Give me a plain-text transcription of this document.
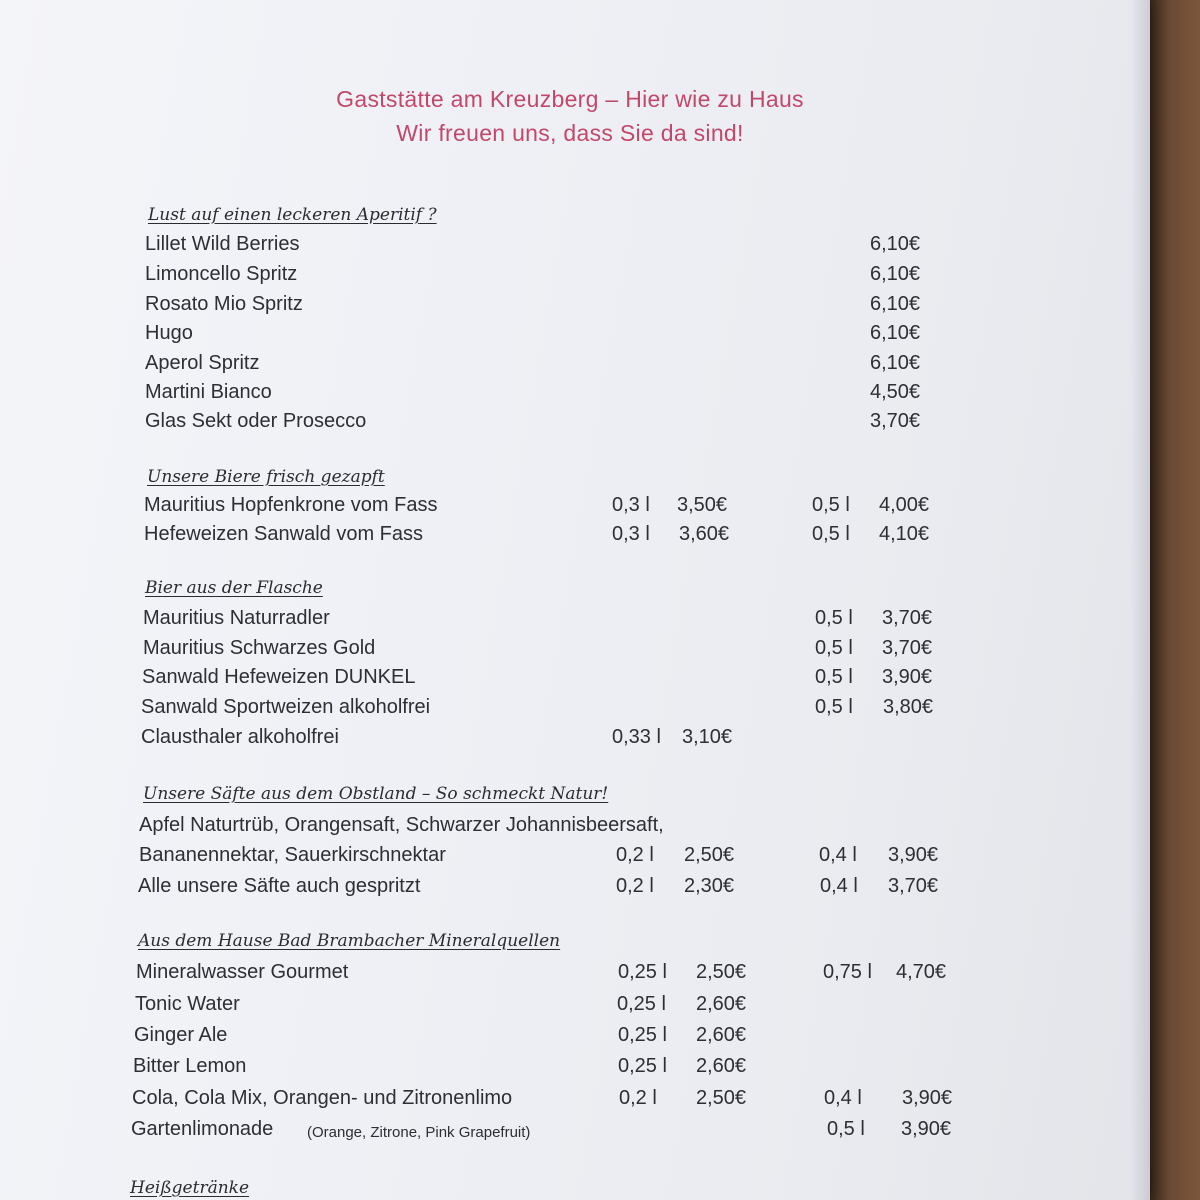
Gaststätte am Kreuzberg – Hier wie zu Haus
Wir freuen uns, dass Sie da sind!
Lust auf einen leckeren Aperitif ?
Lillet Wild Berries	6,10€
Limoncello Spritz	6,10€
Rosato Mio Spritz	6,10€
Hugo	6,10€
Aperol Spritz	6,10€
Martini Bianco	4,50€
Glas Sekt oder Prosecco	3,70€
Unsere Biere frisch gezapft
Mauritius Hopfenkrone vom Fass	0,3 l 3,50€	0,5 l 4,00€
Hefeweizen Sanwald vom Fass	0,3 l 3,60€	0,5 l 4,10€
Bier aus der Flasche
Mauritius Naturradler	0,5 l 3,70€
Mauritius Schwarzes Gold	0,5 l 3,70€
Sanwald Hefeweizen DUNKEL	0,5 l 3,90€
Sanwald Sportweizen alkoholfrei	0,5 l 3,80€
Clausthaler alkoholfrei	0,33 l 3,10€
Unsere Säfte aus dem Obstland – So schmeckt Natur!
Apfel Naturtrüb, Orangensaft, Schwarzer Johannisbeersaft,
Bananennektar, Sauerkirschnektar	0,2 l 2,50€	0,4 l 3,90€
Alle unsere Säfte auch gespritzt	0,2 l 2,30€	0,4 l 3,70€
Aus dem Hause Bad Brambacher Mineralquellen
Mineralwasser Gourmet	0,25 l 2,50€	0,75 l 4,70€
Tonic Water	0,25 l 2,60€
Ginger Ale	0,25 l 2,60€
Bitter Lemon	0,25 l 2,60€
Cola, Cola Mix, Orangen- und Zitronenlimo	0,2 l 2,50€	0,4 l 3,90€
Gartenlimonade (Orange, Zitrone, Pink Grapefruit)	0,5 l 3,90€
Heißgetränke
